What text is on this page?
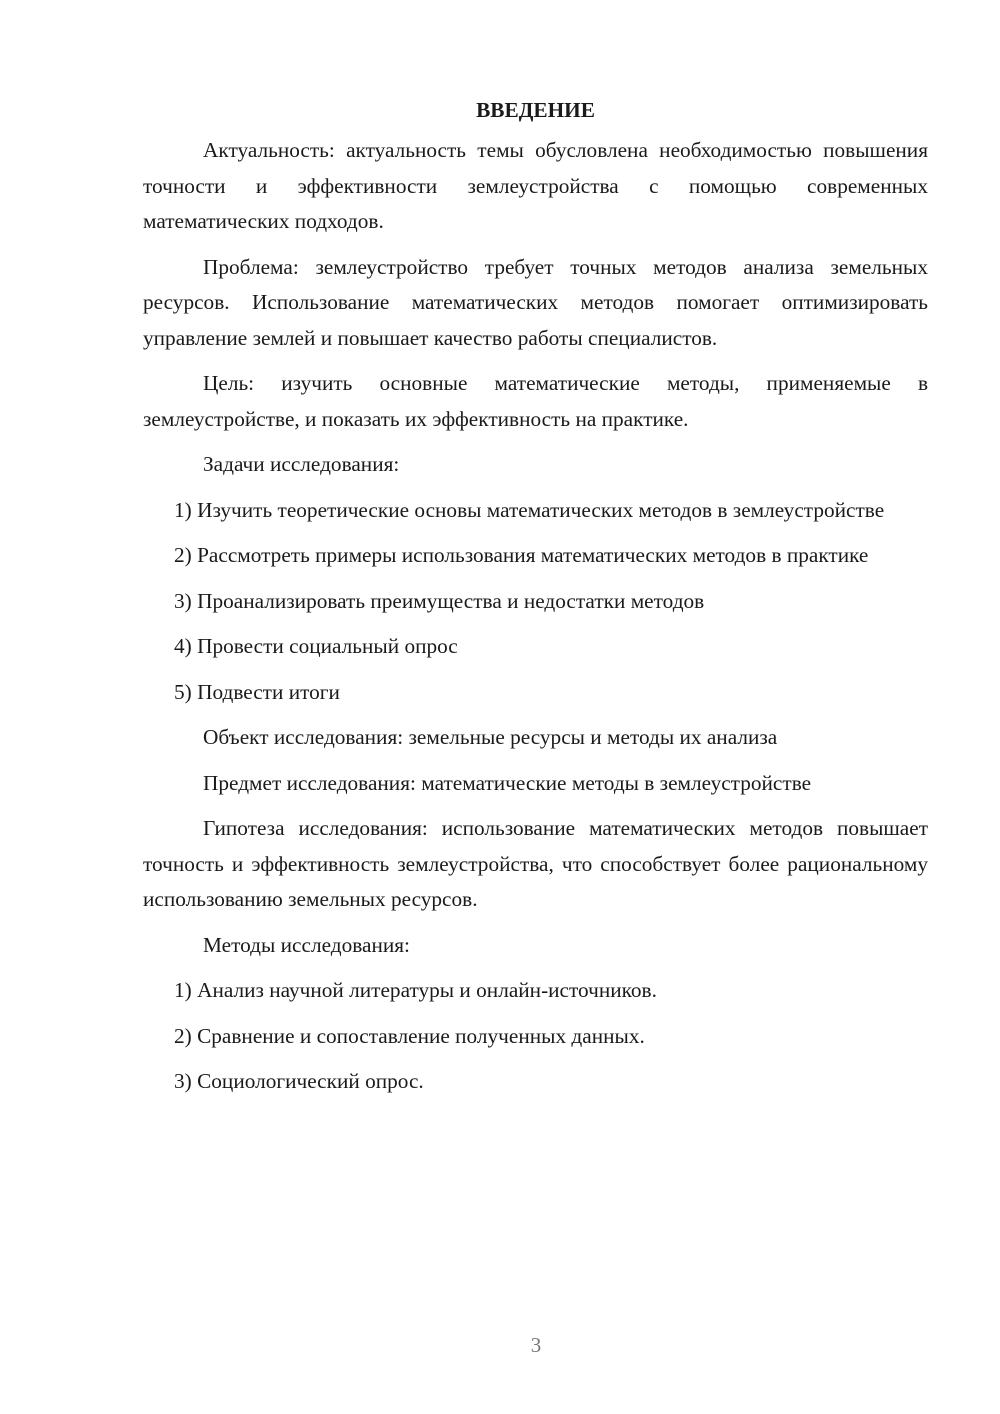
ВВЕДЕНИЕ

Актуальность: актуальность темы обусловлена необходимостью повышения точности и эффективности землеустройства с помощью современных математических подходов.

Проблема: землеустройство требует точных методов анализа земельных ресурсов. Использование математических методов помогает оптимизировать управление землей и повышает качество работы специалистов.

Цель: изучить основные математические методы, применяемые в землеустройстве, и показать их эффективность на практике.

Задачи исследования:

1) Изучить теоретические основы математических методов в землеустройстве

2) Рассмотреть примеры использования математических методов в практике

3) Проанализировать преимущества и недостатки методов

4) Провести социальный опрос

5) Подвести итоги

Объект исследования: земельные ресурсы и методы их анализа

Предмет исследования: математические методы в землеустройстве

Гипотеза исследования: использование математических методов повышает точность и эффективность землеустройства, что способствует более рациональному использованию земельных ресурсов.

Методы исследования:

1) Анализ научной литературы и онлайн-источников.

2) Сравнение и сопоставление полученных данных.

3) Социологический опрос.

3
